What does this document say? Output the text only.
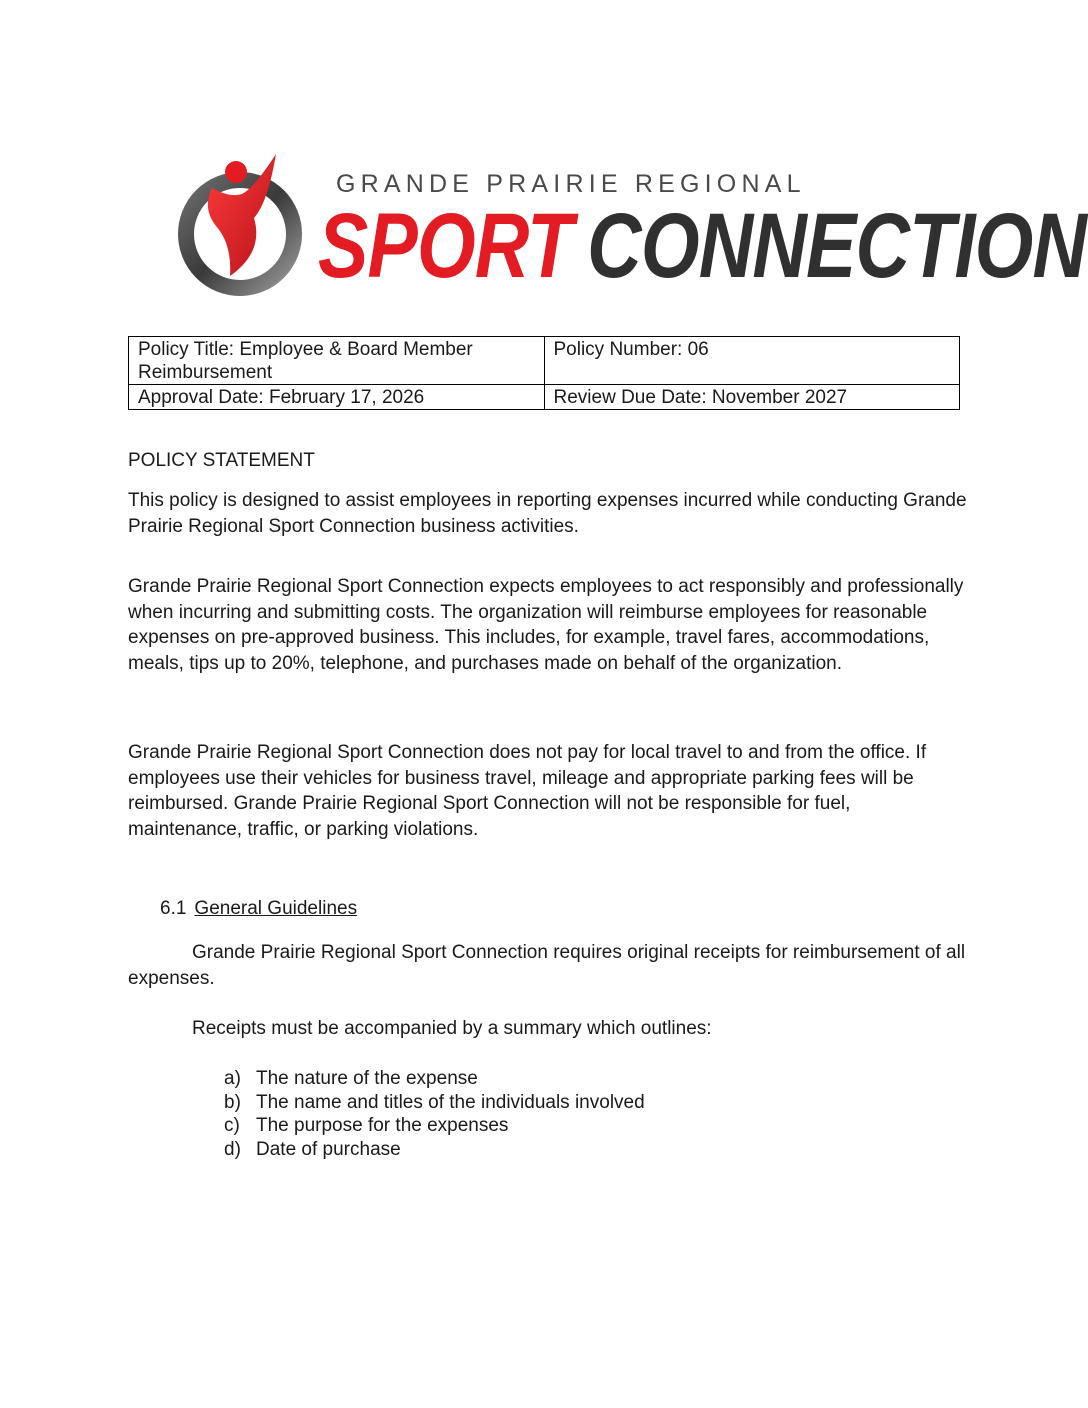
GRANDE PRAIRIE REGIONAL
SPORT CONNECTION
Policy Title: Employee & Board Member Reimbursement	Policy Number: 06
Approval Date: February 17, 2026	Review Due Date: November 2027
POLICY STATEMENT
This policy is designed to assist employees in reporting expenses incurred while conducting Grande Prairie Regional Sport Connection business activities.
Grande Prairie Regional Sport Connection expects employees to act responsibly and professionally when incurring and submitting costs. The organization will reimburse employees for reasonable expenses on pre-approved business. This includes, for example, travel fares, accommodations, meals, tips up to 20%, telephone, and purchases made on behalf of the organization.
Grande Prairie Regional Sport Connection does not pay for local travel to and from the office. If employees use their vehicles for business travel, mileage and appropriate parking fees will be reimbursed. Grande Prairie Regional Sport Connection will not be responsible for fuel, maintenance, traffic, or parking violations.
6.1 General Guidelines
Grande Prairie Regional Sport Connection requires original receipts for reimbursement of all expenses.
Receipts must be accompanied by a summary which outlines:
a) The nature of the expense
b) The name and titles of the individuals involved
c) The purpose for the expenses
d) Date of purchase
